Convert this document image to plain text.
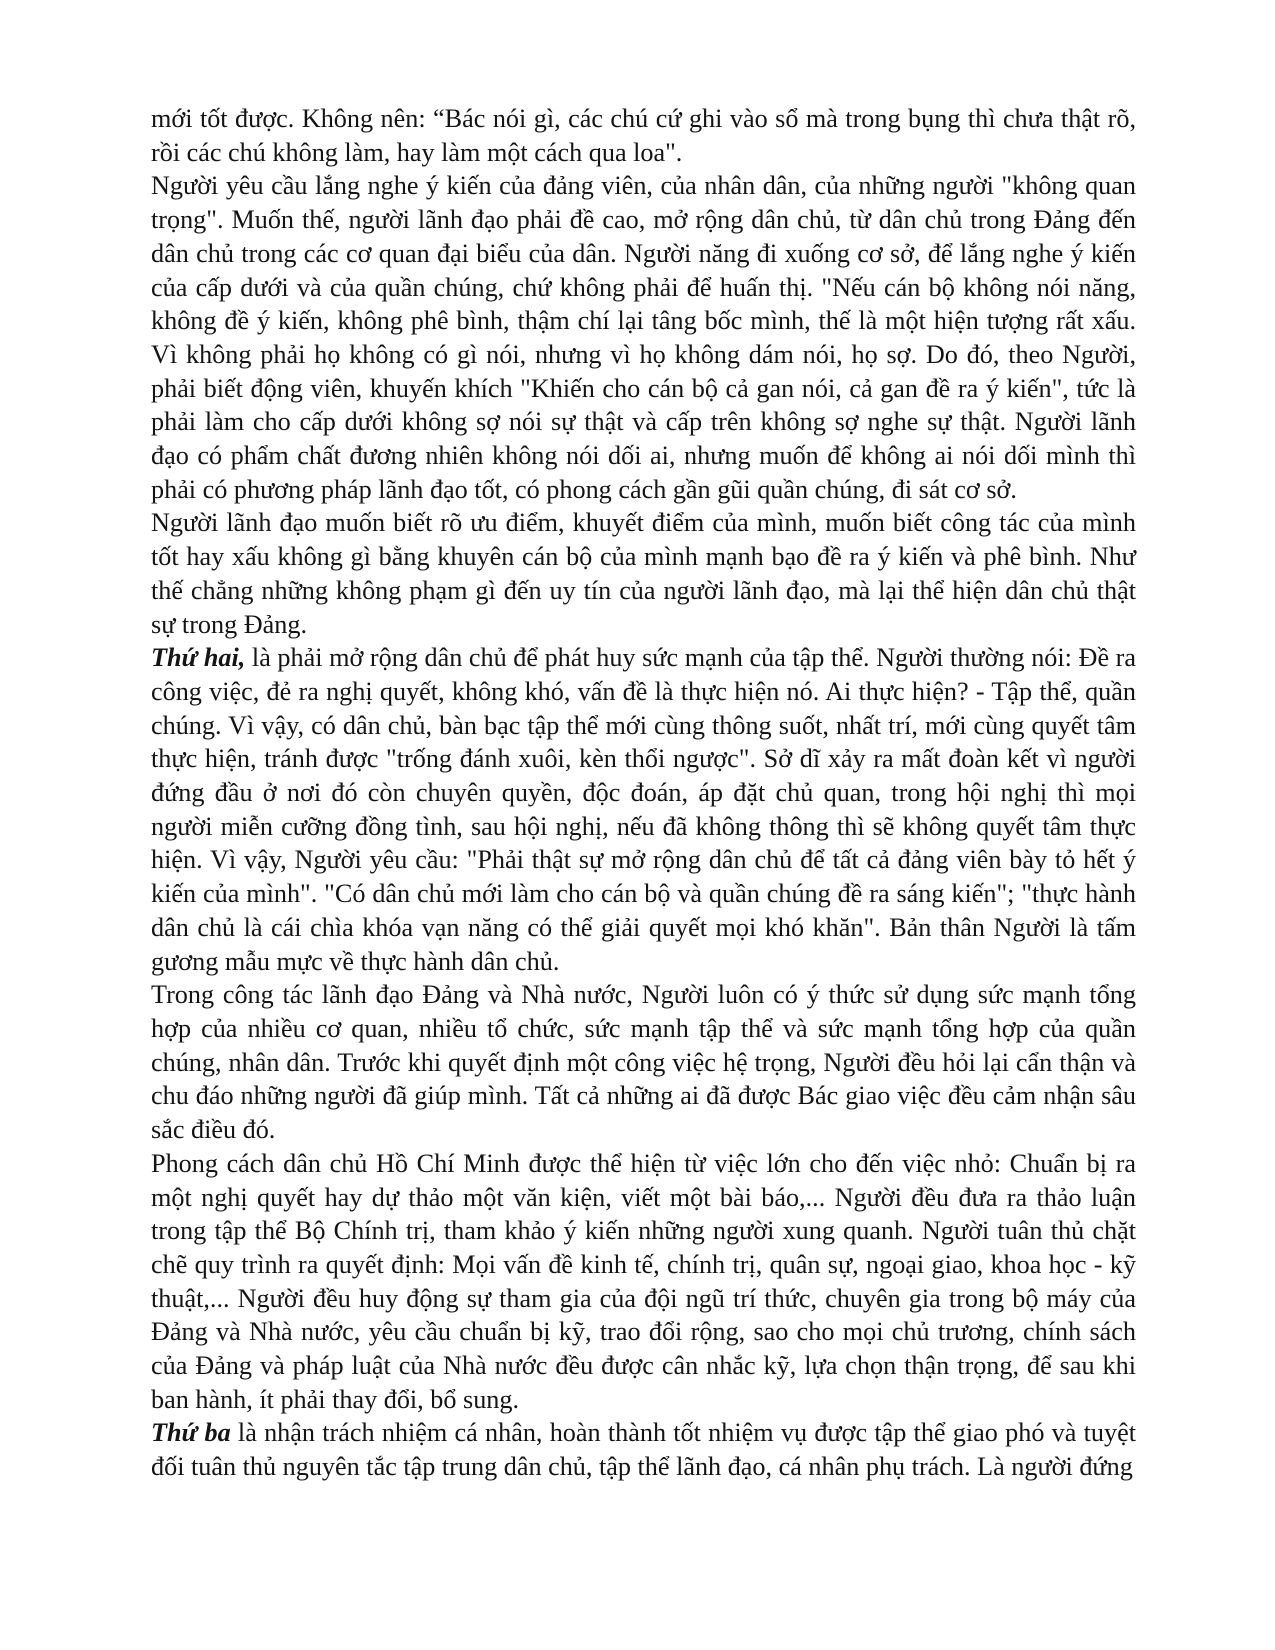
mới tốt được. Không nên: “Bác nói gì, các chú cứ ghi vào sổ mà trong bụng thì chưa thật rõ, rồi các chú không làm, hay làm một cách qua loa".

Người yêu cầu lắng nghe ý kiến của đảng viên, của nhân dân, của những người "không quan trọng". Muốn thế, người lãnh đạo phải đề cao, mở rộng dân chủ, từ dân chủ trong Đảng đến dân chủ trong các cơ quan đại biểu của dân. Người năng đi xuống cơ sở, để lắng nghe ý kiến của cấp dưới và của quần chúng, chứ không phải để huấn thị. "Nếu cán bộ không nói năng, không đề ý kiến, không phê bình, thậm chí lại tâng bốc mình, thế là một hiện tượng rất xấu. Vì không phải họ không có gì nói, nhưng vì họ không dám nói, họ sợ. Do đó, theo Người, phải biết động viên, khuyến khích "Khiến cho cán bộ cả gan nói, cả gan đề ra ý kiến", tức là phải làm cho cấp dưới không sợ nói sự thật và cấp trên không sợ nghe sự thật. Người lãnh đạo có phẩm chất đương nhiên không nói dối ai, nhưng muốn để không ai nói dối mình thì phải có phương pháp lãnh đạo tốt, có phong cách gần gũi quần chúng, đi sát cơ sở.

Người lãnh đạo muốn biết rõ ưu điểm, khuyết điểm của mình, muốn biết công tác của mình tốt hay xấu không gì bằng khuyên cán bộ của mình mạnh bạo đề ra ý kiến và phê bình. Như thế chẳng những không phạm gì đến uy tín của người lãnh đạo, mà lại thể hiện dân chủ thật sự trong Đảng.

Thứ hai, là phải mở rộng dân chủ để phát huy sức mạnh của tập thể. Người thường nói: Đề ra công việc, đẻ ra nghị quyết, không khó, vấn đề là thực hiện nó. Ai thực hiện? - Tập thể, quần chúng. Vì vậy, có dân chủ, bàn bạc tập thể mới cùng thông suốt, nhất trí, mới cùng quyết tâm thực hiện, tránh được "trống đánh xuôi, kèn thổi ngược". Sở dĩ xảy ra mất đoàn kết vì người đứng đầu ở nơi đó còn chuyên quyền, độc đoán, áp đặt chủ quan, trong hội nghị thì mọi người miễn cưỡng đồng tình, sau hội nghị, nếu đã không thông thì sẽ không quyết tâm thực hiện. Vì vậy, Người yêu cầu: "Phải thật sự mở rộng dân chủ để tất cả đảng viên bày tỏ hết ý kiến của mình". "Có dân chủ mới làm cho cán bộ và quần chúng đề ra sáng kiến"; "thực hành dân chủ là cái chìa khóa vạn năng có thể giải quyết mọi khó khăn". Bản thân Người là tấm gương mẫu mực về thực hành dân chủ.

Trong công tác lãnh đạo Đảng và Nhà nước, Người luôn có ý thức sử dụng sức mạnh tổng hợp của nhiều cơ quan, nhiều tổ chức, sức mạnh tập thể và sức mạnh tổng hợp của quần chúng, nhân dân. Trước khi quyết định một công việc hệ trọng, Người đều hỏi lại cẩn thận và chu đáo những người đã giúp mình. Tất cả những ai đã được Bác giao việc đều cảm nhận sâu sắc điều đó.

Phong cách dân chủ Hồ Chí Minh được thể hiện từ việc lớn cho đến việc nhỏ: Chuẩn bị ra một nghị quyết hay dự thảo một văn kiện, viết một bài báo,... Người đều đưa ra thảo luận trong tập thể Bộ Chính trị, tham khảo ý kiến những người xung quanh. Người tuân thủ chặt chẽ quy trình ra quyết định: Mọi vấn đề kinh tế, chính trị, quân sự, ngoại giao, khoa học - kỹ thuật,... Người đều huy động sự tham gia của đội ngũ trí thức, chuyên gia trong bộ máy của Đảng và Nhà nước, yêu cầu chuẩn bị kỹ, trao đổi rộng, sao cho mọi chủ trương, chính sách của Đảng và pháp luật của Nhà nước đều được cân nhắc kỹ, lựa chọn thận trọng, để sau khi ban hành, ít phải thay đổi, bổ sung.

Thứ ba là nhận trách nhiệm cá nhân, hoàn thành tốt nhiệm vụ được tập thể giao phó và tuyệt đối tuân thủ nguyên tắc tập trung dân chủ, tập thể lãnh đạo, cá nhân phụ trách. Là người đứng
